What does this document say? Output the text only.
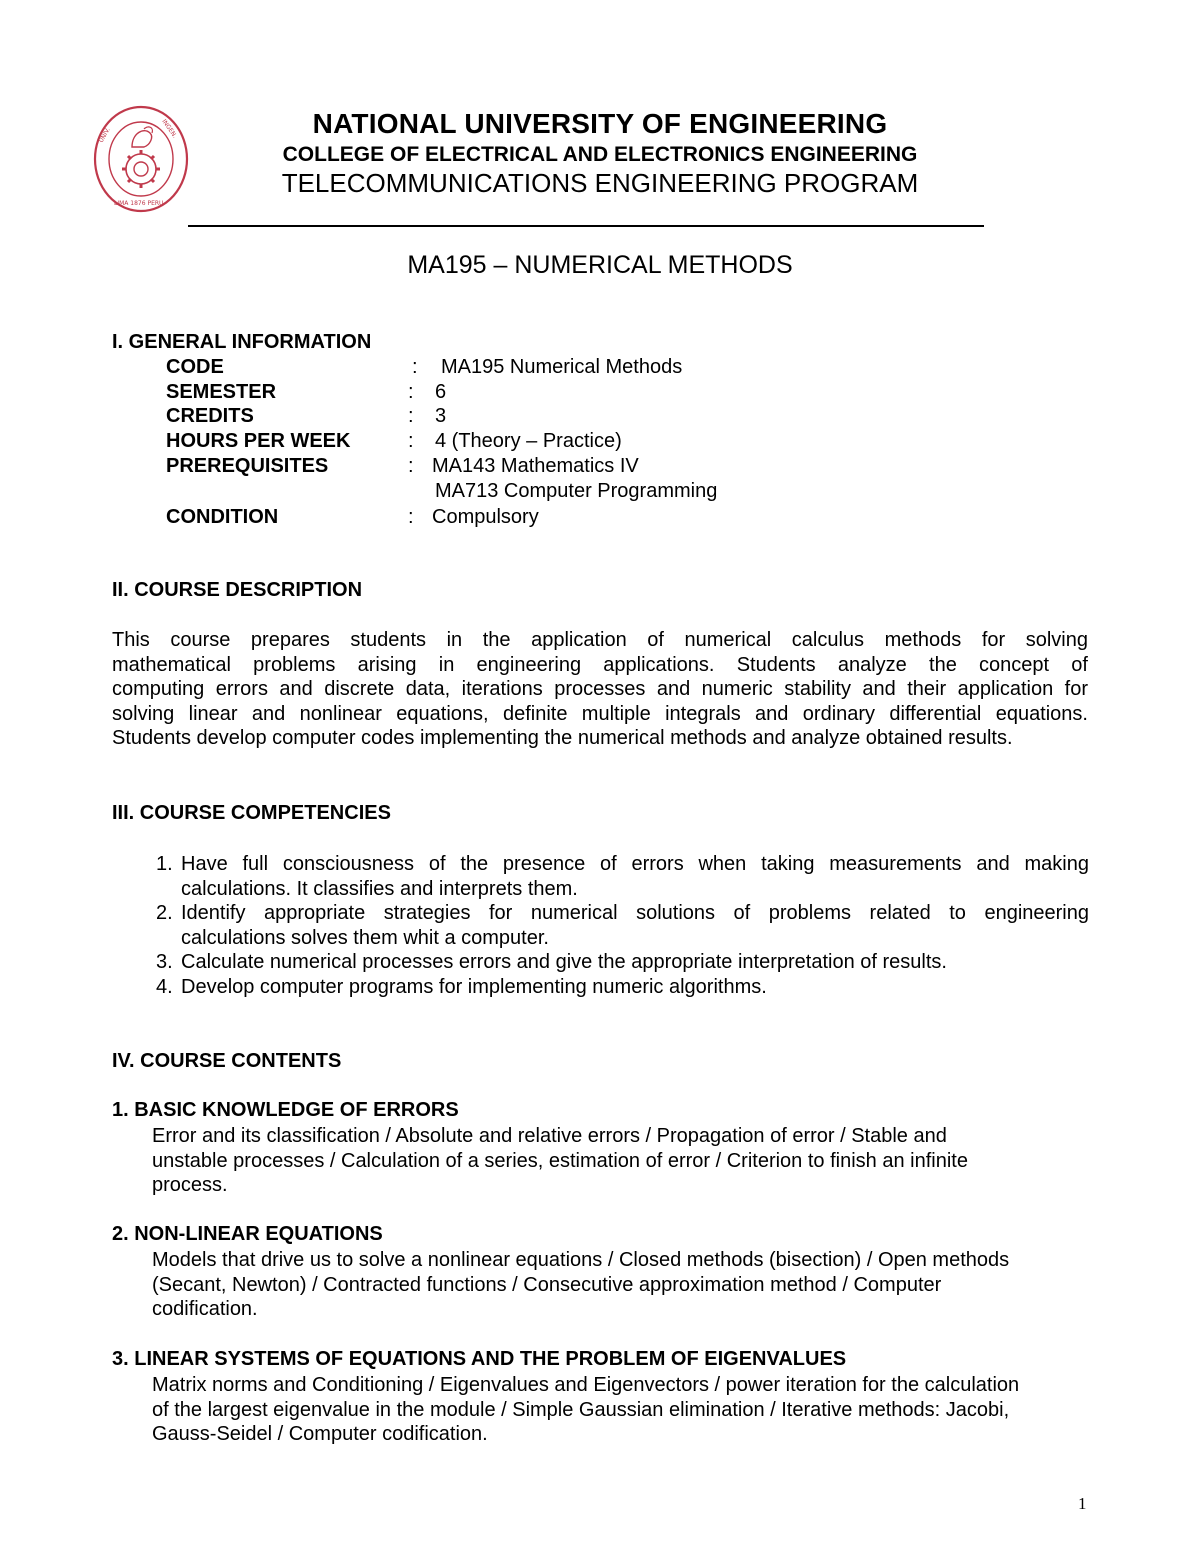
UNIV.	INGEN.
LIMA 1876 PERU
NATIONAL UNIVERSITY OF ENGINEERING
COLLEGE OF ELECTRICAL AND ELECTRONICS ENGINEERING
TELECOMMUNICATIONS ENGINEERING PROGRAM
MA195 – NUMERICAL METHODS
I. GENERAL INFORMATION
CODE	: MA195 Numerical Methods
SEMESTER	: 6
CREDITS	: 3
HOURS PER WEEK	: 4 (Theory – Practice)
PREREQUISITES	: MA143 Mathematics IV
MA713 Computer Programming
CONDITION	: Compulsory
II. COURSE DESCRIPTION
This course prepares students in the application of numerical calculus methods for solving
mathematical problems arising in engineering applications. Students analyze the concept of
computing errors and discrete data, iterations processes and numeric stability and their application for
solving linear and nonlinear equations, definite multiple integrals and ordinary differential equations.
Students develop computer codes implementing the numerical methods and analyze obtained results.
III. COURSE COMPETENCIES
1. Have full consciousness of the presence of errors when taking measurements and making
calculations. It classifies and interprets them.
2. Identify appropriate strategies for numerical solutions of problems related to engineering
calculations solves them whit a computer.
3. Calculate numerical processes errors and give the appropriate interpretation of results.
4. Develop computer programs for implementing numeric algorithms.
IV. COURSE CONTENTS
1. BASIC KNOWLEDGE OF ERRORS
Error and its classification / Absolute and relative errors / Propagation of error / Stable and
unstable processes / Calculation of a series, estimation of error / Criterion to finish an infinite
process.
2. NON-LINEAR EQUATIONS
Models that drive us to solve a nonlinear equations / Closed methods (bisection) / Open methods
(Secant, Newton) / Contracted functions / Consecutive approximation method / Computer
codification.
3. LINEAR SYSTEMS OF EQUATIONS AND THE PROBLEM OF EIGENVALUES
Matrix norms and Conditioning / Eigenvalues and Eigenvectors / power iteration for the calculation
of the largest eigenvalue in the module / Simple Gaussian elimination / Iterative methods: Jacobi,
Gauss-Seidel / Computer codification.
1
